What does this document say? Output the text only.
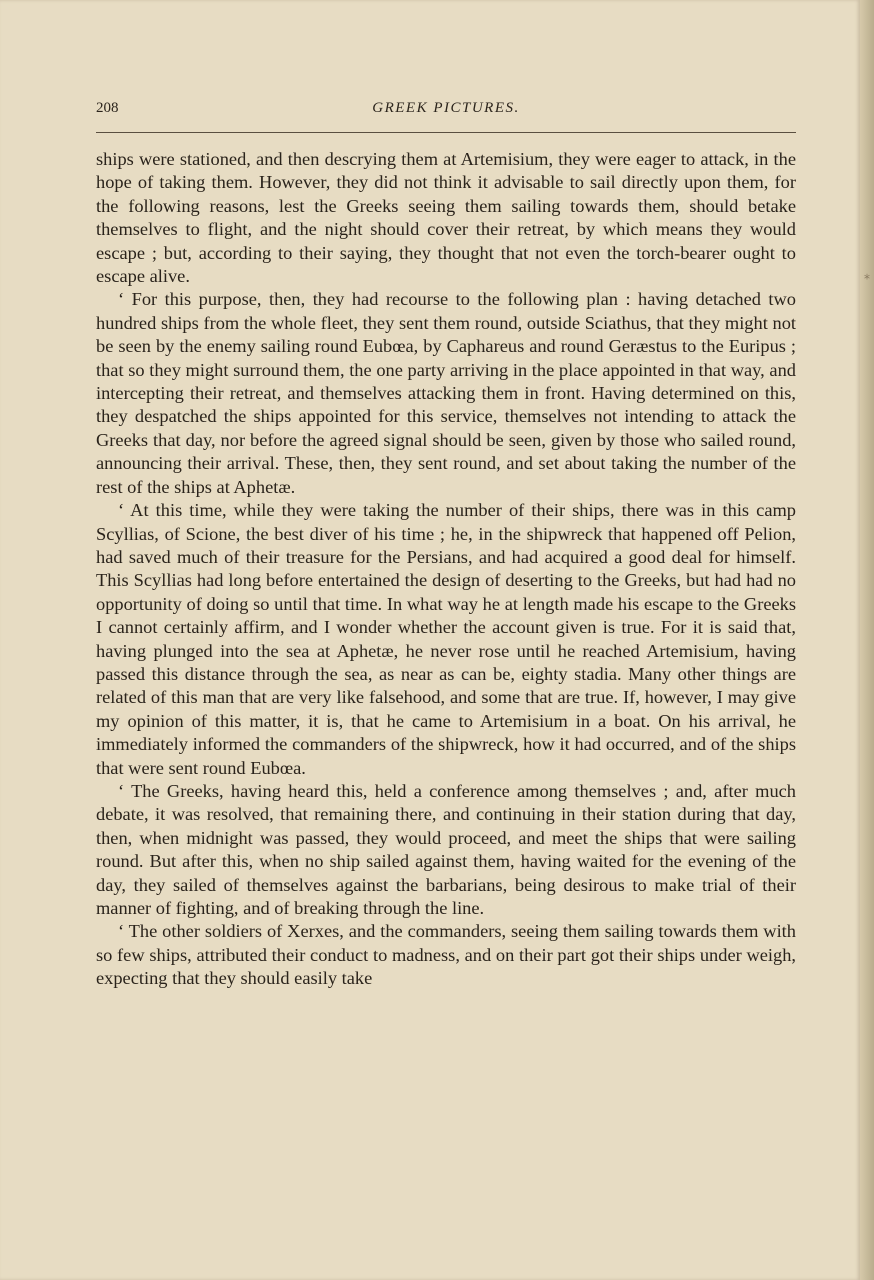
208	GREEK PICTURES.

ships were stationed, and then descrying them at Artemisium, they were eager to attack, in the hope of taking them. However, they did not think it advisable to sail directly upon them, for the following reasons, lest the Greeks seeing them sailing towards them, should betake themselves to flight, and the night should cover their retreat, by which means they would escape ; but, according to their saying, they thought that not even the torch-bearer ought to escape alive.

‘ For this purpose, then, they had recourse to the following plan : having detached two hundred ships from the whole fleet, they sent them round, outside Sciathus, that they might not be seen by the enemy sailing round Eubœa, by Caphareus and round Geræstus to the Euripus ; that so they might surround them, the one party arriving in the place appointed in that way, and intercepting their retreat, and themselves attacking them in front. Having determined on this, they despatched the ships appointed for this service, themselves not intending to attack the Greeks that day, nor before the agreed signal should be seen, given by those who sailed round, announcing their arrival. These, then, they sent round, and set about taking the number of the rest of the ships at Aphetæ.

‘ At this time, while they were taking the number of their ships, there was in this camp Scyllias, of Scione, the best diver of his time ; he, in the shipwreck that happened off Pelion, had saved much of their treasure for the Persians, and had acquired a good deal for himself. This Scyllias had long before entertained the design of deserting to the Greeks, but had had no opportunity of doing so until that time. In what way he at length made his escape to the Greeks I cannot certainly affirm, and I wonder whether the account given is true. For it is said that, having plunged into the sea at Aphetæ, he never rose until he reached Artemisium, having passed this distance through the sea, as near as can be, eighty stadia. Many other things are related of this man that are very like falsehood, and some that are true. If, however, I may give my opinion of this matter, it is, that he came to Artemisium in a boat. On his arrival, he immediately informed the commanders of the shipwreck, how it had occurred, and of the ships that were sent round Eubœa.

‘ The Greeks, having heard this, held a conference among themselves ; and, after much debate, it was resolved, that remaining there, and continuing in their station during that day, then, when midnight was passed, they would proceed, and meet the ships that were sailing round. But after this, when no ship sailed against them, having waited for the evening of the day, they sailed of themselves against the barbarians, being desirous to make trial of their manner of fighting, and of breaking through the line.

‘ The other soldiers of Xerxes, and the commanders, seeing them sailing towards them with so few ships, attributed their conduct to madness, and on their part got their ships under weigh, expecting that they should easily take

⁎
